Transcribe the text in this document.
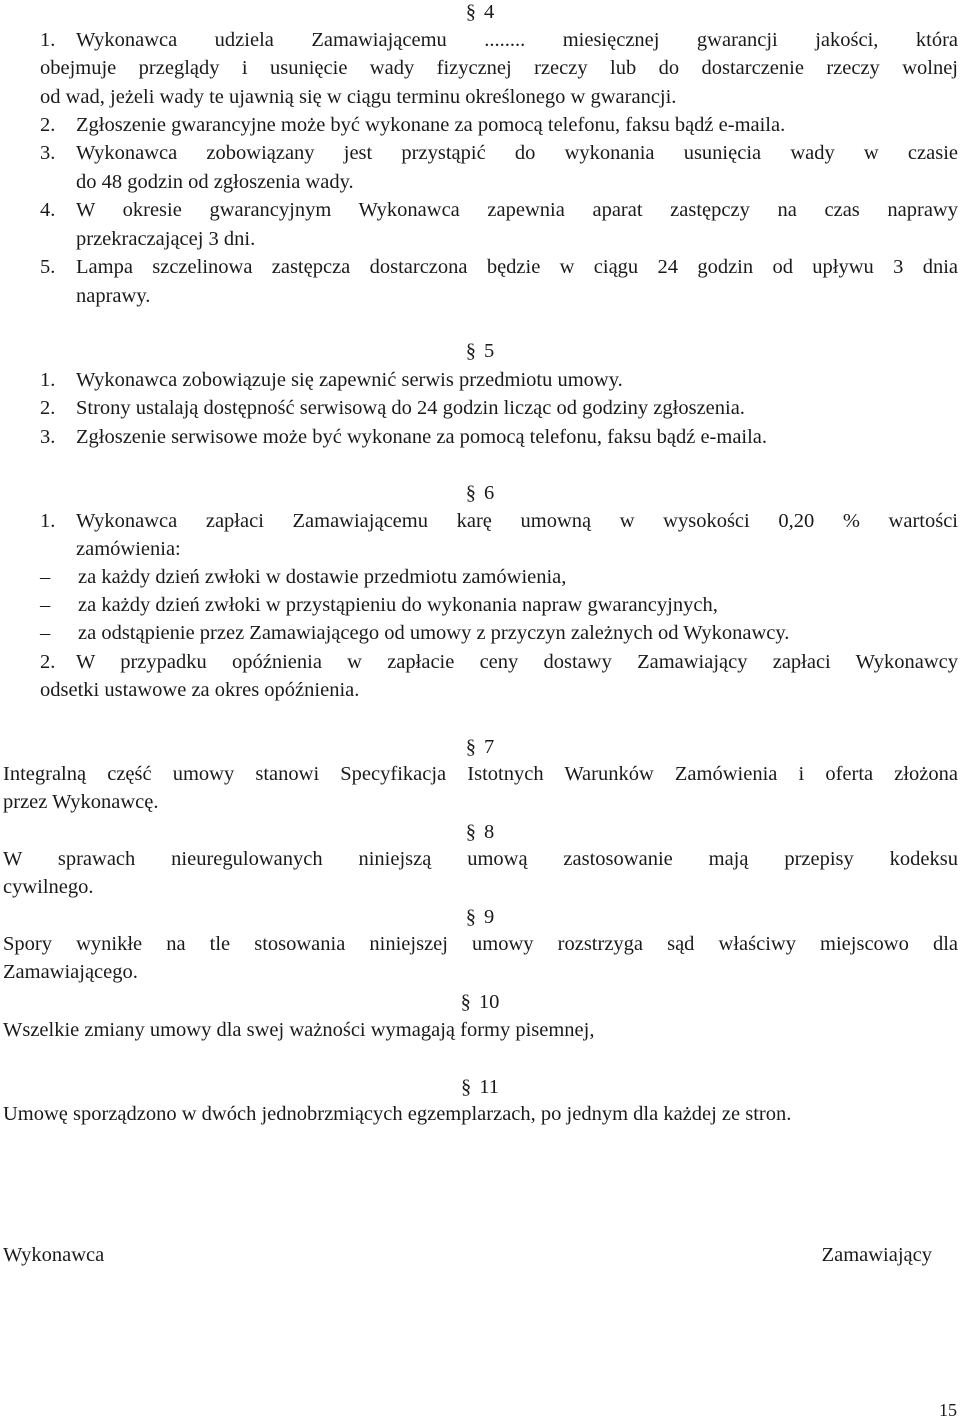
§ 4
1. Wykonawca udziela Zamawiającemu ........ miesięcznej gwarancji jakości, która
obejmuje przeglądy i usunięcie wady fizycznej rzeczy lub do dostarczenie rzeczy wolnej
od wad, jeżeli wady te ujawnią się w ciągu terminu określonego w gwarancji.
2. Zgłoszenie gwarancyjne może być wykonane za pomocą telefonu, faksu bądź e-maila.
3. Wykonawca zobowiązany jest przystąpić do wykonania usunięcia wady w czasie
do 48 godzin od zgłoszenia wady.
4. W okresie gwarancyjnym Wykonawca zapewnia aparat zastępczy na czas naprawy
przekraczającej 3 dni.
5. Lampa szczelinowa zastępcza dostarczona będzie w ciągu 24 godzin od upływu 3 dnia
naprawy.
§ 5
1. Wykonawca zobowiązuje się zapewnić serwis przedmiotu umowy.
2. Strony ustalają dostępność serwisową do 24 godzin licząc od godziny zgłoszenia.
3. Zgłoszenie serwisowe może być wykonane za pomocą telefonu, faksu bądź e-maila.
§ 6
1. Wykonawca zapłaci Zamawiającemu karę umowną w wysokości 0,20 % wartości
zamówienia:
– za każdy dzień zwłoki w dostawie przedmiotu zamówienia,
– za każdy dzień zwłoki w przystąpieniu do wykonania napraw gwarancyjnych,
– za odstąpienie przez Zamawiającego od umowy z przyczyn zależnych od Wykonawcy.
2. W przypadku opóźnienia w zapłacie ceny dostawy Zamawiający zapłaci Wykonawcy
odsetki ustawowe za okres opóźnienia.
§ 7
Integralną część umowy stanowi Specyfikacja Istotnych Warunków Zamówienia i oferta złożona
przez Wykonawcę.
§ 8
W sprawach nieuregulowanych niniejszą umową zastosowanie mają przepisy kodeksu
cywilnego.
§ 9
Spory wynikłe na tle stosowania niniejszej umowy rozstrzyga sąd właściwy miejscowo dla
Zamawiającego.
§ 10
Wszelkie zmiany umowy dla swej ważności wymagają formy pisemnej,
§ 11
Umowę sporządzono w dwóch jednobrzmiących egzemplarzach, po jednym dla każdej ze stron.
Wykonawca	Zamawiający
15
